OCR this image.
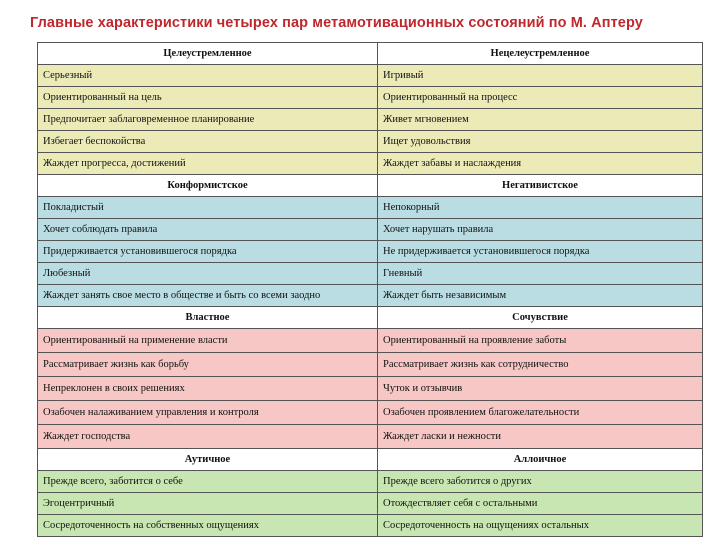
Главные характеристики четырех пар метамотивационных состояний по М. Аптеру
Целеустремленное	Нецелеустремленное
Серьезный	Игривый
Ориентированный на цель	Ориентированный на процесс
Предпочитает заблаговременное планирование	Живет мгновением
Избегает беспокойства	Ищет удовольствия
Жаждет прогресса, достижений	Жаждет забавы и наслаждения
Конформистское	Негативистское
Покладистый	Непокорный
Хочет соблюдать правила	Хочет нарушать правила
Придерживается установившегося порядка	Не придерживается установившегося порядка
Любезный	Гневный
Жаждет занять свое место в обществе и быть со всеми заодно	Жаждет быть независимым
Властное	Сочувствие
Ориентированный на применение власти	Ориентированный на проявление заботы
Рассматривает жизнь как борьбу	Рассматривает жизнь как сотрудничество
Непреклонен в своих решениях	Чуток и отзывчив
Озабочен налаживанием управления и контроля	Озабочен проявлением благожелательности
Жаждет господства	Жаждет ласки и нежности
Аутичное	Аллоичное
Прежде всего, заботится о себе	Прежде всего заботится о других
Эгоцентричный	Отождествляет себя с остальными
Сосредоточенность на собственных ощущениях	Сосредоточенность на ощущениях остальных
